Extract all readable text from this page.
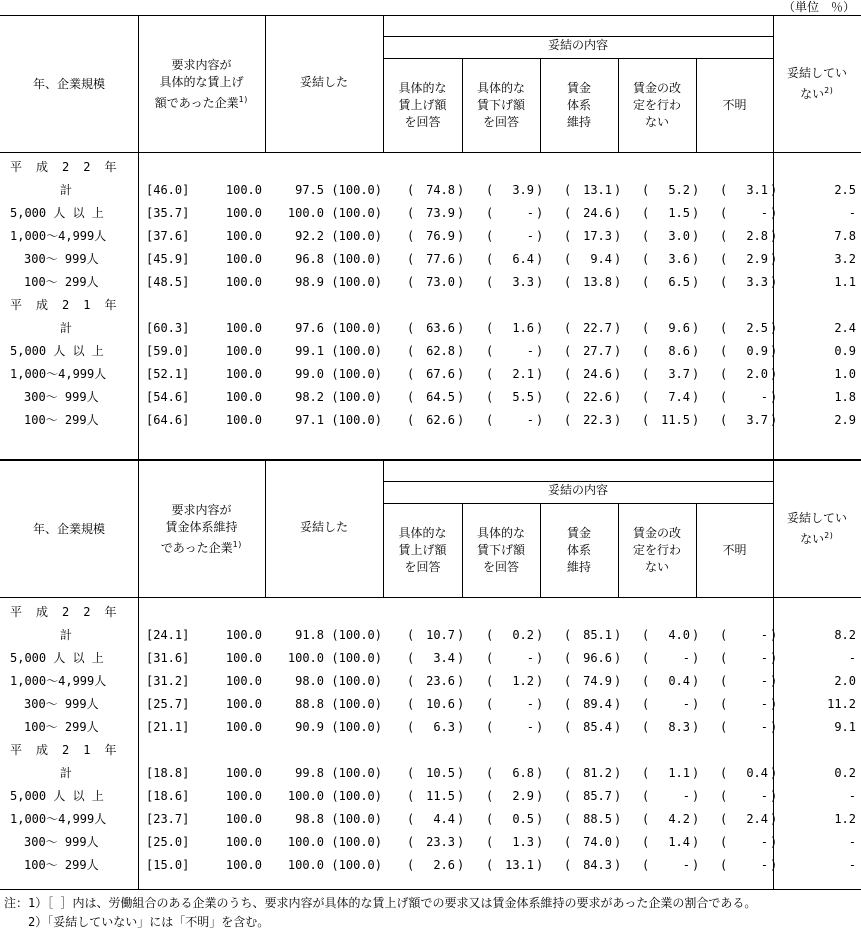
（単位　％）
年、企業規模
要求内容が
具体的な賃上げ
額であった企業$^{1)}$
妥結した
妥結の内容
具体的な
賃上げ額
を回答
具体的な
賃下げ額
を回答
賃金
体系
維持
賃金の改
定を行わ
ない
不明
妥結してい
ない$^{2)}$
年、企業規模
要求内容が
賃金体系維持
であった企業$^{1)}$
妥結した
妥結の内容
具体的な
賃上げ額
を回答
具体的な
賃下げ額
を回答
賃金
体系
維持
賃金の改
定を行わ
ない
不明
妥結してい
ない$^{2)}$
平成22年
計	[46.0]	100.0	97.5 (100.0) ( 74.8 ) (	3.9 ) ( 13.1 ) (	5.2 ) (	3.1 )	2.5
5,000 人 以 上	[35.7]	100.0	100.0 (100.0) ( 73.9 ) (	- ) ( 24.6 ) (	1.5 ) (	- )	-
1,000～4,999人	[37.6]	100.0	92.2 (100.0) ( 76.9 ) (	- ) ( 17.3 ) (	3.0 ) (	2.8 )	7.8
300～ 999人	[45.9]	100.0	96.8 (100.0) ( 77.6 ) (	6.4 ) (	9.4 ) (	3.6 ) (	2.9 )	3.2
100～ 299人	[48.5]	100.0	98.9 (100.0) ( 73.0 ) (	3.3 ) ( 13.8 ) (	6.5 ) (	3.3 )	1.1
平成21年
計	[60.3]	100.0	97.6 (100.0) ( 63.6 ) (	1.6 ) ( 22.7 ) (	9.6 ) (	2.5 )	2.4
5,000 人 以 上	[59.0]	100.0	99.1 (100.0) ( 62.8 ) (	- ) ( 27.7 ) (	8.6 ) (	0.9 )	0.9
1,000～4,999人	[52.1]	100.0	99.0 (100.0) ( 67.6 ) (	2.1 ) ( 24.6 ) (	3.7 ) (	2.0 )	1.0
300～ 999人	[54.6]	100.0	98.2 (100.0) ( 64.5 ) (	5.5 ) ( 22.6 ) (	7.4 ) (	- )	1.8
100～ 299人	[64.6]	100.0	97.1 (100.0) ( 62.6 ) (	- ) ( 22.3 ) ( 11.5 ) (	3.7 )	2.9
平成22年
計	[24.1]	100.0	91.8 (100.0) ( 10.7 ) (	0.2 ) ( 85.1 ) (	4.0 ) (	- )	8.2
5,000 人 以 上	[31.6]	100.0	100.0 (100.0) (	3.4 ) (	- ) ( 96.6 ) (	- ) (	- )	-
1,000～4,999人	[31.2]	100.0	98.0 (100.0) ( 23.6 ) (	1.2 ) ( 74.9 ) (	0.4 ) (	- )	2.0
300～ 999人	[25.7]	100.0	88.8 (100.0) ( 10.6 ) (	- ) ( 89.4 ) (	- ) (	- )	11.2
100～ 299人	[21.1]	100.0	90.9 (100.0) (	6.3 ) (	- ) ( 85.4 ) (	8.3 ) (	- )	9.1
平成21年
計	[18.8]	100.0	99.8 (100.0) ( 10.5 ) (	6.8 ) ( 81.2 ) (	1.1 ) (	0.4 )	0.2
5,000 人 以 上	[18.6]	100.0	100.0 (100.0) ( 11.5 ) (	2.9 ) ( 85.7 ) (	- ) (	- )	-
1,000～4,999人	[23.7]	100.0	98.8 (100.0) (	4.4 ) (	0.5 ) ( 88.5 ) (	4.2 ) (	2.4 )	1.2
300～ 999人	[25.0]	100.0	100.0 (100.0) ( 23.3 ) (	1.3 ) ( 74.0 ) (	1.4 ) (	- )	-
100～ 299人	[15.0]	100.0	100.0 (100.0) (	2.6 ) ( 13.1 ) ( 84.3 ) (	- ) (	- )	-
注：1）［ ］内は、労働組合のある企業のうち、要求内容が具体的な賃上げ額での要求又は賃金体系維持の要求があった企業の割合である。
　　2）「妥結していない」には「不明」を含む。
